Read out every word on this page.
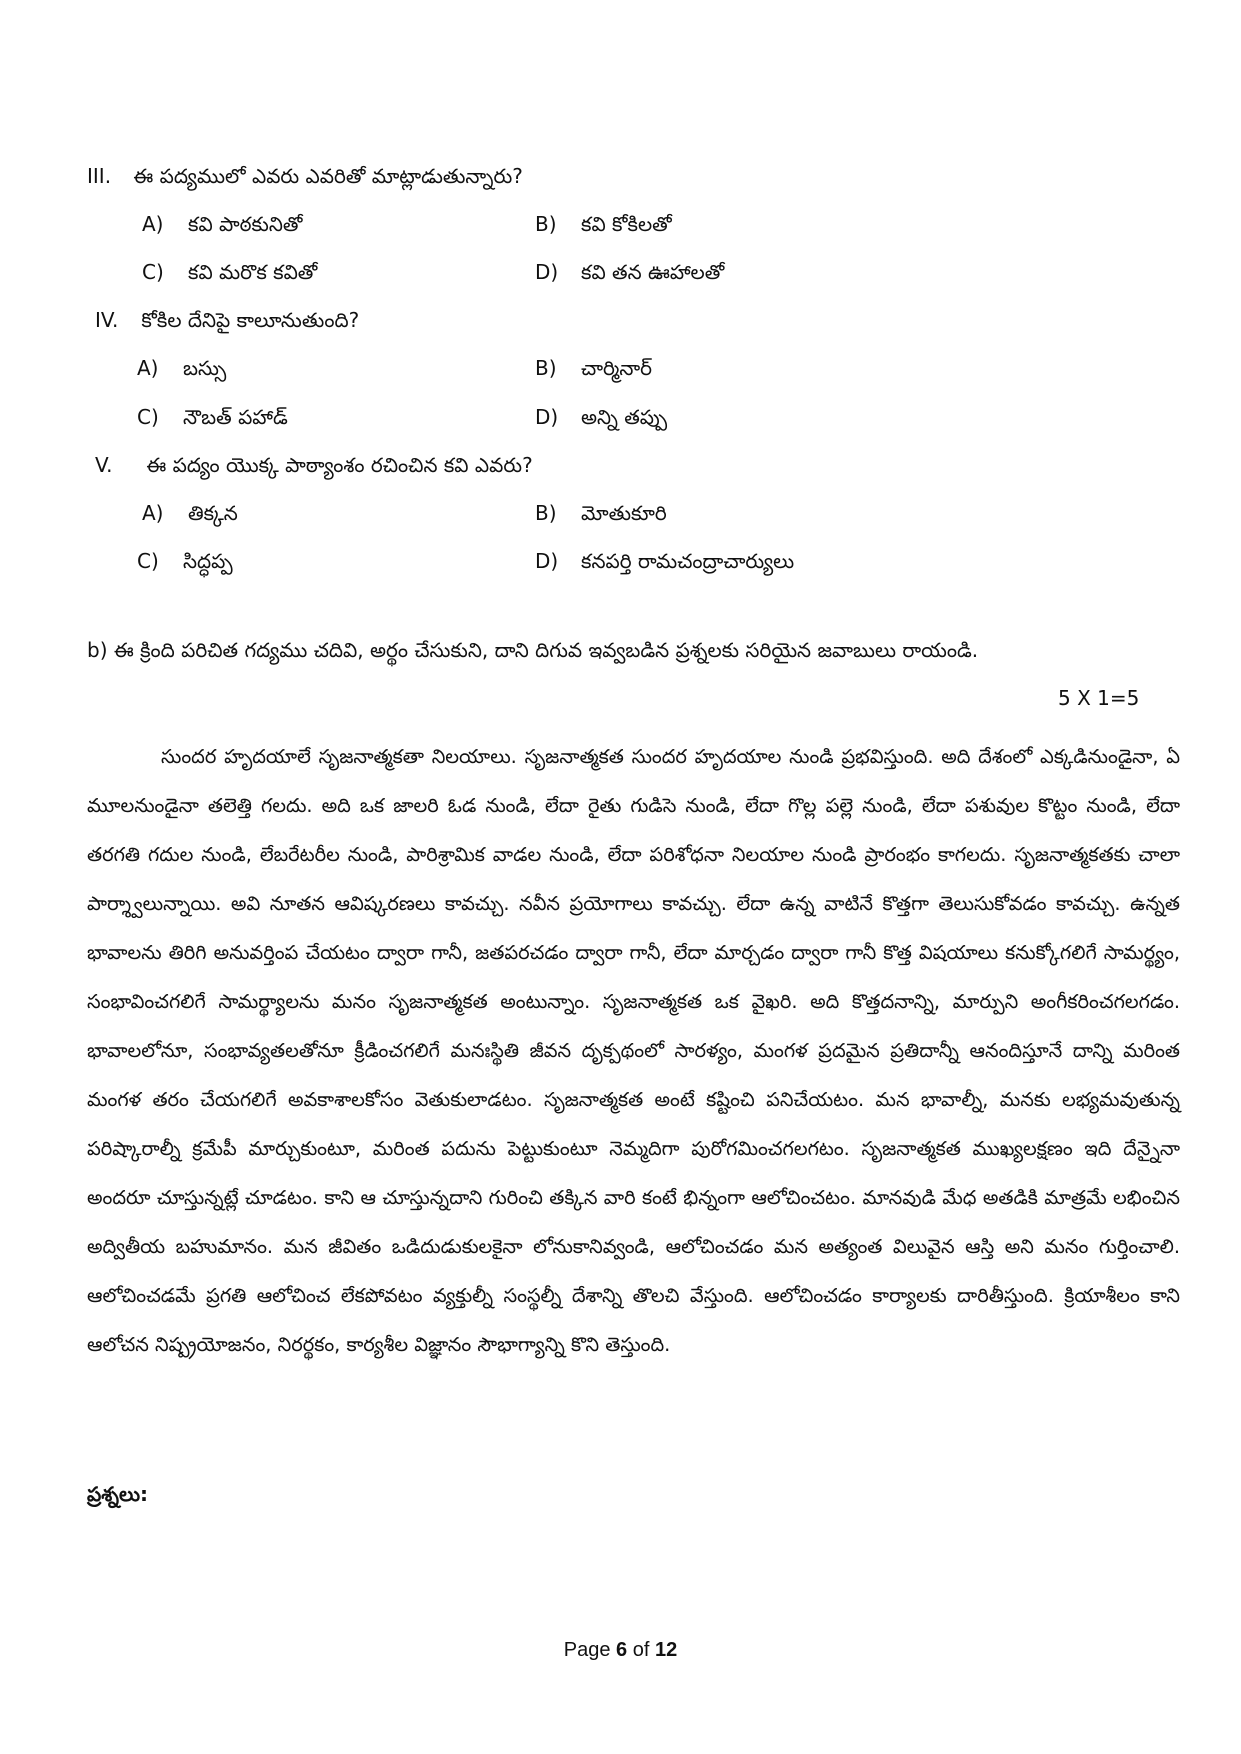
III. ఈ పద్యములో ఎవరు ఎవరితో మాట్లాడుతున్నారు?
A) కవి పాఠకునితో	B) కవి కోకిలతో
C) కవి మరొక కవితో	D) కవి తన ఊహాలతో
IV. కోకిల దేనిపై కాలూనుతుంది?
A) బస్సు	B) చార్మినార్
C) నౌబత్ పహాడ్	D) అన్ని తప్పు
V. ఈ పద్యం యొక్క పాఠ్యాంశం రచించిన కవి ఎవరు?
A) తిక్కన	B) మోతుకూరి
C) సిద్ధప్ప	D) కనపర్తి రామచంద్రాచార్యులు
b) ఈ క్రింది పరిచిత గద్యము చదివి, అర్థం చేసుకుని, దాని దిగువ ఇవ్వబడిన ప్రశ్నలకు సరియైన జవాబులు రాయండి.
5 X 1=5

సుందర హృదయాలే సృజనాత్మకతా నిలయాలు. సృజనాత్మకత సుందర హృదయాల నుండి ప్రభవిస్తుంది. అది దేశంలో ఎక్కడినుండైనా, ఏ మూలనుండైనా తలెత్తి గలదు. అది ఒక జాలరి ఓడ నుండి, లేదా రైతు గుడిసె నుండి, లేదా గొల్ల పల్లె నుండి, లేదా పశువుల కొట్టం నుండి, లేదా తరగతి గదుల నుండి, లేబరేటరీల నుండి, పారిశ్రామిక వాడల నుండి, లేదా పరిశోధనా నిలయాల నుండి ప్రారంభం కాగలదు. సృజనాత్మకతకు చాలా పార్శ్వాలున్నాయి. అవి నూతన ఆవిష్కరణలు కావచ్చు. నవీన ప్రయోగాలు కావచ్చు. లేదా ఉన్న వాటినే కొత్తగా తెలుసుకోవడం కావచ్చు. ఉన్నత భావాలను తిరిగి అనువర్తింప చేయటం ద్వారా గానీ, జతపరచడం ద్వారా గానీ, లేదా మార్చడం ద్వారా గానీ కొత్త విషయాలు కనుక్కోగలిగే సామర్థ్యం, సంభావించగలిగే సామర్థ్యాలను మనం సృజనాత్మకత అంటున్నాం. సృజనాత్మకత ఒక వైఖరి. అది కొత్తదనాన్ని, మార్పుని అంగీకరించగలగడం. భావాలలోనూ, సంభావ్యతలతోనూ క్రీడించగలిగే మనఃస్థితి జీవన దృక్పథంలో సారళ్యం, మంగళ ప్రదమైన ప్రతిదాన్నీ ఆనందిస్తూనే దాన్ని మరింత మంగళ తరం చేయగలిగే అవకాశాలకోసం వెతుకులాడటం. సృజనాత్మకత అంటే కష్టించి పనిచేయటం. మన భావాల్నీ, మనకు లభ్యమవుతున్న పరిష్కారాల్నీ క్రమేపీ మార్చుకుంటూ, మరింత పదును పెట్టుకుంటూ నెమ్మదిగా పురోగమించగలగటం. సృజనాత్మకత ముఖ్యలక్షణం ఇది దేన్నైనా అందరూ చూస్తున్నట్లే చూడటం. కాని ఆ చూస్తున్నదాని గురించి తక్కిన వారి కంటే భిన్నంగా ఆలోచించటం. మానవుడి మేధ అతడికి మాత్రమే లభించిన అద్వితీయ బహుమానం. మన జీవితం ఒడిదుడుకులకైనా లోనుకానివ్వండి, ఆలోచించడం మన అత్యంత విలువైన ఆస్తి అని మనం గుర్తించాలి. ఆలోచించడమే ప్రగతి ఆలోచించ లేకపోవటం వ్యక్తుల్నీ సంస్థల్నీ దేశాన్ని తొలచి వేస్తుంది. ఆలోచించడం కార్యాలకు దారితీస్తుంది. క్రియాశీలం కాని ఆలోచన నిష్ప్రయోజనం, నిరర్థకం, కార్యశీల విజ్ఞానం సౌభాగ్యాన్ని కొని తెస్తుంది.

ప్రశ్నలు:
Page 6 of 12
